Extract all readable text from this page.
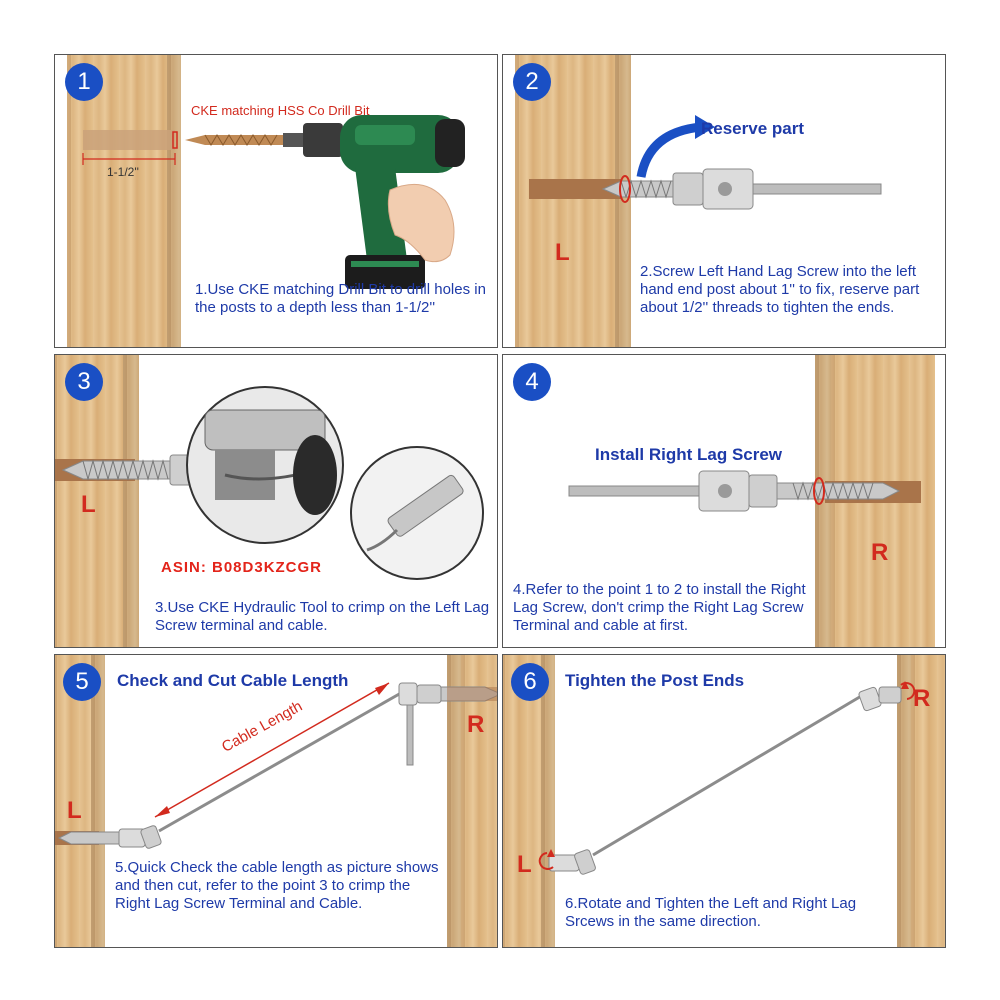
CKE matching HSS Co Drill Bit
1-1/2''
1
1.Use CKE matching Drill Bit to drill holes in the posts to a depth less than 1-1/2''
Reserve part
L
2
2.Screw Left Hand Lag Screw into the left hand end post about 1'' to fix, reserve part about 1/2'' threads to tighten the ends.
L
ASIN: B08D3KZCGR
3
3.Use CKE Hydraulic Tool to crimp on the Left Lag Screw terminal and cable.
Install Right Lag Screw
R
4
4.Refer to the point 1 to 2 to install the Right Lag Screw, don't crimp the Right Lag Screw Terminal and cable at first.
Cable Length
Check and Cut Cable Length
L
R
5
5.Quick Check the cable length as picture shows and then cut, refer to the point 3 to crimp the Right Lag Screw Terminal and Cable.
Tighten the Post Ends
L
R
6
6.Rotate and Tighten the Left and Right Lag Srcews in the same direction.
